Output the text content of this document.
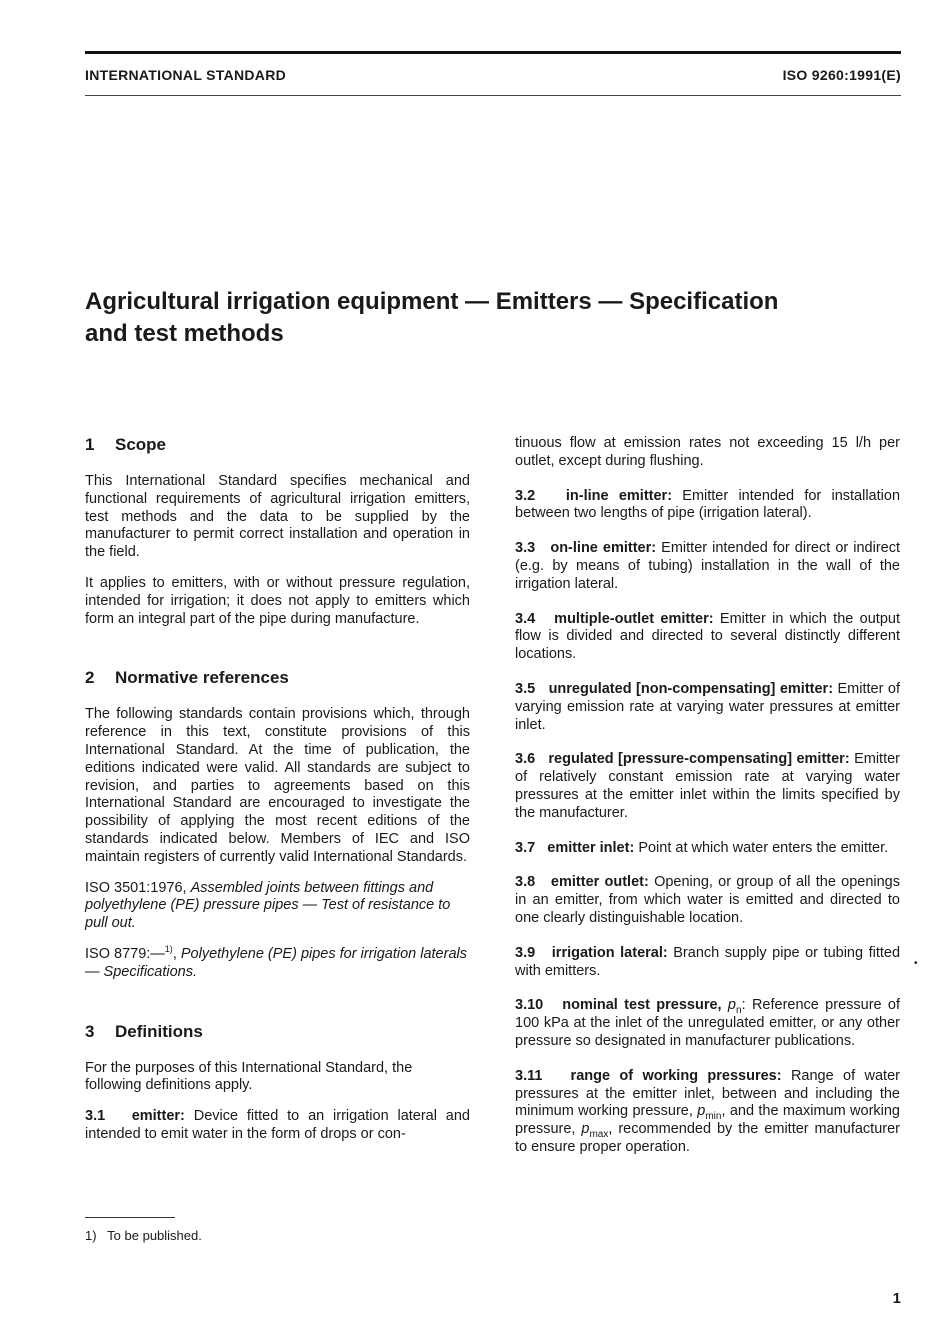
INTERNATIONAL STANDARD	ISO 9260:1991(E)
Agricultural irrigation equipment — Emitters — Specification
and test methods
1 Scope

This International Standard specifies mechanical and functional requirements of agricultural irrigation emitters, test methods and the data to be supplied by the manufacturer to permit correct installation and operation in the field.

It applies to emitters, with or without pressure regulation, intended for irrigation; it does not apply to emitters which form an integral part of the pipe during manufacture.

2 Normative references

The following standards contain provisions which, through reference in this text, constitute provisions of this International Standard. At the time of publication, the editions indicated were valid. All standards are subject to revision, and parties to agreements based on this International Standard are encouraged to investigate the possibility of applying the most recent editions of the standards indicated below. Members of IEC and ISO maintain registers of currently valid International Standards.

ISO 3501:1976, Assembled joints between fittings and polyethylene (PE) pressure pipes — Test of resistance to pull out.

ISO 8779:—$^{1)}$, Polyethylene (PE) pipes for irrigation laterals — Specifications.

3 Definitions

For the purposes of this International Standard, the following definitions apply.

3.1 emitter: Device fitted to an irrigation lateral and intended to emit water in the form of drops or con-

tinuous flow at emission rates not exceeding 15 l/h per outlet, except during flushing.

3.2 in-line emitter: Emitter intended for installation between two lengths of pipe (irrigation lateral).

3.3 on-line emitter: Emitter intended for direct or indirect (e.g. by means of tubing) installation in the wall of the irrigation lateral.

3.4 multiple-outlet emitter: Emitter in which the output flow is divided and directed to several distinctly different locations.

3.5 unregulated [non-compensating] emitter: Emitter of varying emission rate at varying water pressures at emitter inlet.

3.6 regulated [pressure-compensating] emitter: Emitter of relatively constant emission rate at varying water pressures at the emitter inlet within the limits specified by the manufacturer.

3.7 emitter inlet: Point at which water enters the emitter.

3.8 emitter outlet: Opening, or group of all the openings in an emitter, from which water is emitted and directed to one clearly distinguishable location.

3.9 irrigation lateral: Branch supply pipe or tubing fitted with emitters.

3.10 nominal test pressure, $p_n$: Reference pressure of 100 kPa at the inlet of the unregulated emitter, or any other pressure so designated in manufacturer publications.

3.11 range of working pressures: Range of water pressures at the emitter inlet, between and including the minimum working pressure, $p_{min}$, and the maximum working pressure, $p_{max}$, recommended by the emitter manufacturer to ensure proper operation.

•
1) To be published.
1
